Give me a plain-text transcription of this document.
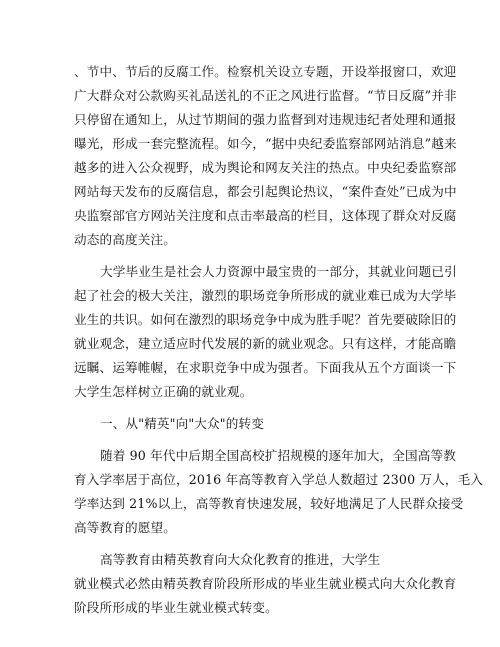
、节中、节后的反腐工作。检察机关设立专题，开设举报窗口，欢迎
广大群众对公款购买礼品送礼的不正之风进行监督。“节日反腐”并非
只停留在通知上，从过节期间的强力监督到对违规违纪者处理和通报
曝光，形成一套完整流程。如今，“据中央纪委监察部网站消息”越来
越多的进入公众视野，成为舆论和网友关注的热点。中央纪委监察部
网站每天发布的反腐信息，都会引起舆论热议，“案件查处”已成为中
央监察部官方网站关注度和点击率最高的栏目，这体现了群众对反腐
动态的高度关注。
大学毕业生是社会人力资源中最宝贵的一部分，其就业问题已引
起了社会的极大关注，激烈的职场竞争所形成的就业难已成为大学毕
业生的共识。如何在激烈的职场竞争中成为胜手呢？首先要破除旧的
就业观念，建立适应时代发展的新的就业观念。只有这样，才能高瞻
远瞩、运筹帷幄，在求职竞争中成为强者。下面我从五个方面谈一下
大学生怎样树立正确的就业观。
一、从"精英"向"大众"的转变
随着 90 年代中后期全国高校扩招规模的逐年加大，全国高等教
育入学率居于高位，2016 年高等教育入学总人数超过 2300 万人，毛入
学率达到 21%以上，高等教育快速发展，较好地满足了人民群众接受
高等教育的愿望。
高等教育由精英教育向大众化教育的推进，大学生
就业模式必然由精英教育阶段所形成的毕业生就业模式向大众化教育
阶段所形成的毕业生就业模式转变。
